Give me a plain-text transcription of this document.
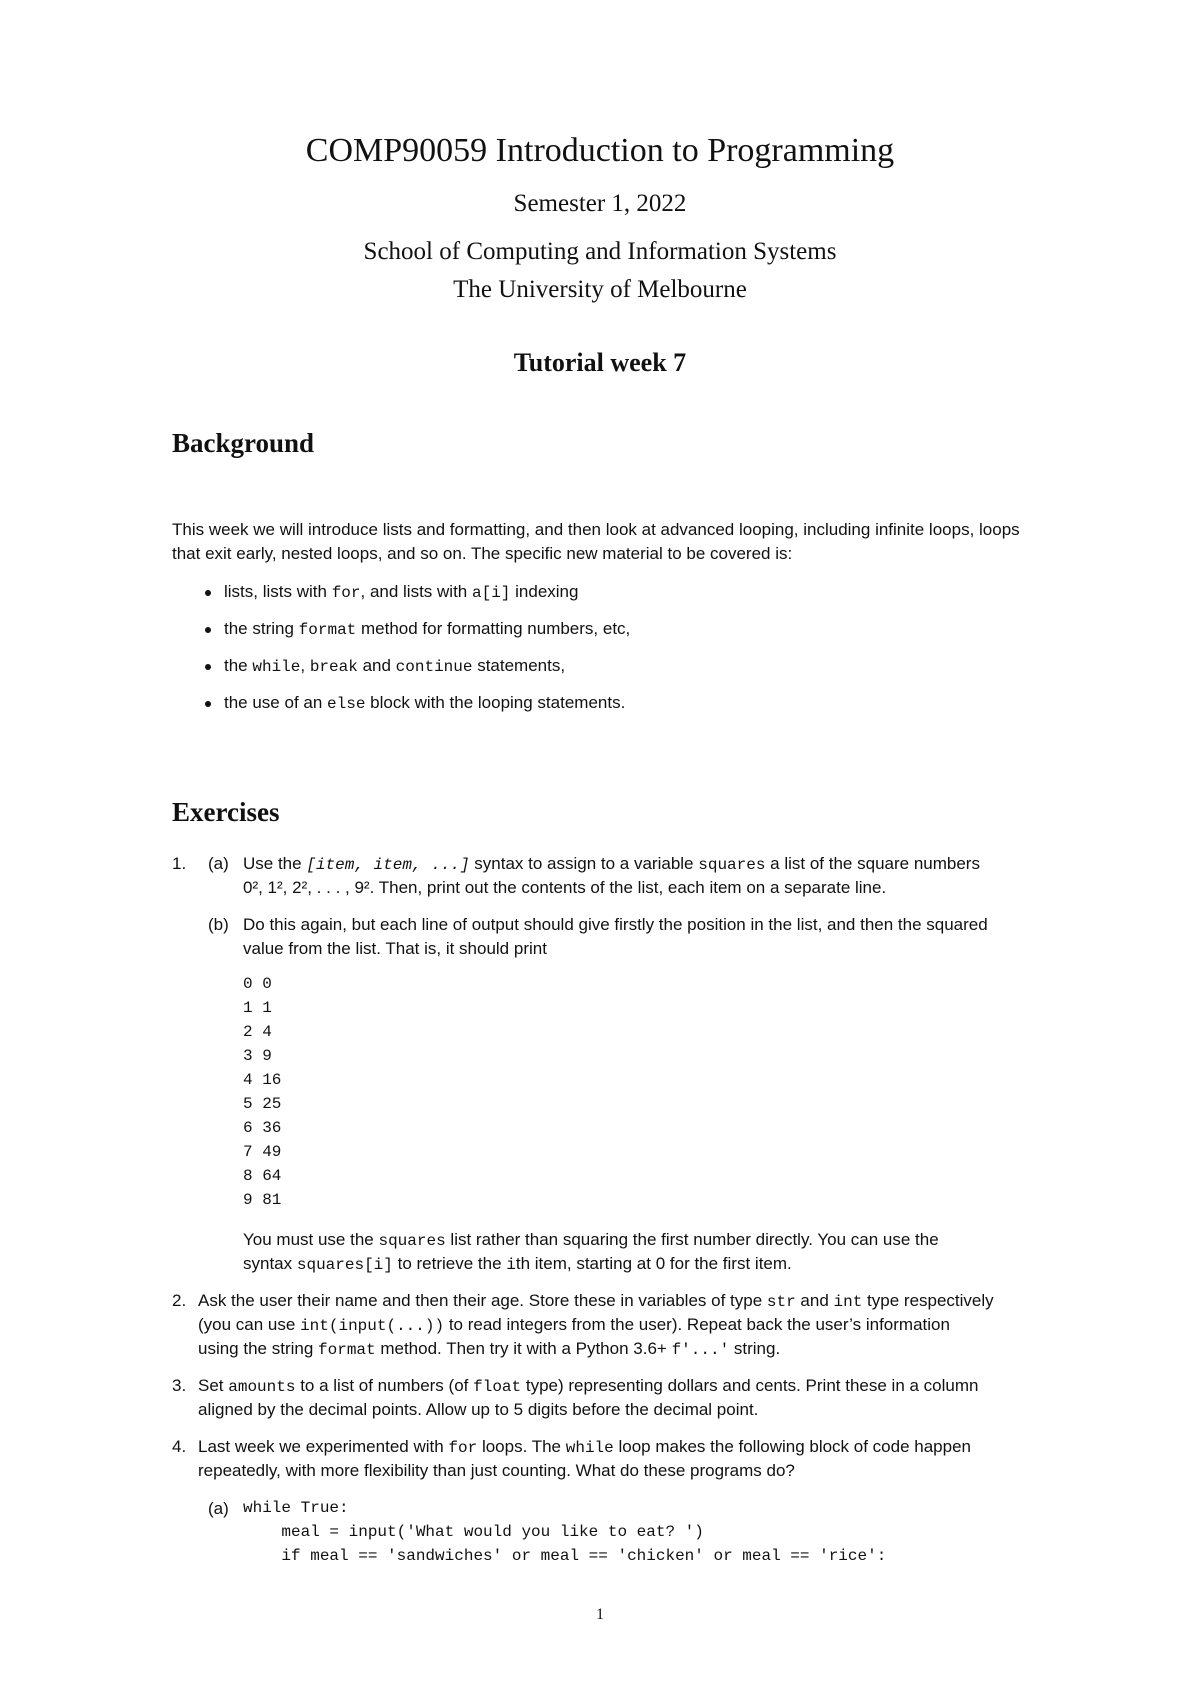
COMP90059 Introduction to Programming
Semester 1, 2022
School of Computing and Information Systems
The University of Melbourne
Tutorial week 7
Background
This week we will introduce lists and formatting, and then look at advanced looping, including infinite loops, loops that exit early, nested loops, and so on. The specific new material to be covered is:
lists, lists with for, and lists with a[i] indexing
the string format method for formatting numbers, etc,
the while, break and continue statements,
the use of an else block with the looping statements.
Exercises
1.	(a) Use the [item, item, ...] syntax to assign to a variable squares a list of the square numbers
0², 1², 2², . . . , 9². Then, print out the contents of the list, each item on a separate line.
(b) Do this again, but each line of output should give firstly the position in the list, and then the squared
value from the list. That is, it should print
0 0
1 1
2 4
3 9
4 16
5 25
6 36
7 49
8 64
9 81
You must use the squares list rather than squaring the first number directly. You can use the
syntax squares[i] to retrieve the ith item, starting at 0 for the first item.
2. Ask the user their name and then their age. Store these in variables of type str and int type respectively
(you can use int(input(...)) to read integers from the user). Repeat back the user’s information
using the string format method. Then try it with a Python 3.6+ f'...' string.
3. Set amounts to a list of numbers (of float type) representing dollars and cents. Print these in a column
aligned by the decimal points. Allow up to 5 digits before the decimal point.
4. Last week we experimented with for loops. The while loop makes the following block of code happen
repeatedly, with more flexibility than just counting. What do these programs do?
(a) while True:
meal = input('What would you like to eat? ')
if meal == 'sandwiches' or meal == 'chicken' or meal == 'rice':
1
